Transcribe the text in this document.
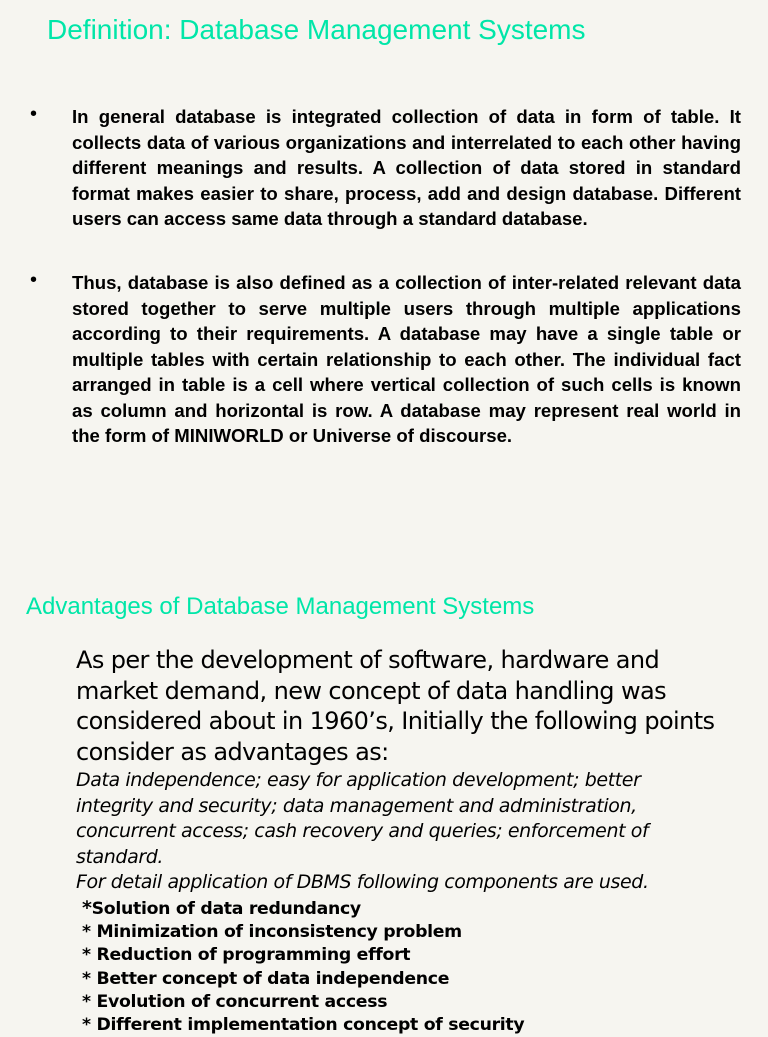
Definition: Database Management Systems
• In general database is integrated collection of data in form of table. It collects data of various organizations and interrelated to each other having different meanings and results. A collection of data stored in standard format makes easier to share, process, add and design database. Different users can access same data through a standard database.

• Thus, database is also defined as a collection of inter-related relevant data stored together to serve multiple users through multiple applications according to their requirements. A database may have a single table or multiple tables with certain relationship to each other. The individual fact arranged in table is a cell where vertical collection of such cells is known as column and horizontal is row. A database may represent real world in the form of MINIWORLD or Universe of discourse.

Advantages of Database Management Systems

As per the development of software, hardware and market demand, new concept of data handling was considered about in 1960’s, Initially the following points consider as advantages as:

Data independence; easy for application development; better
integrity and security; data management and administration,
concurrent access; cash recovery and queries; enforcement of
standard.
For detail application of DBMS following components are used.
*Solution of data redundancy
* Minimization of inconsistency problem
* Reduction of programming effort
* Better concept of data independence
* Evolution of concurrent access
* Different implementation concept of security
